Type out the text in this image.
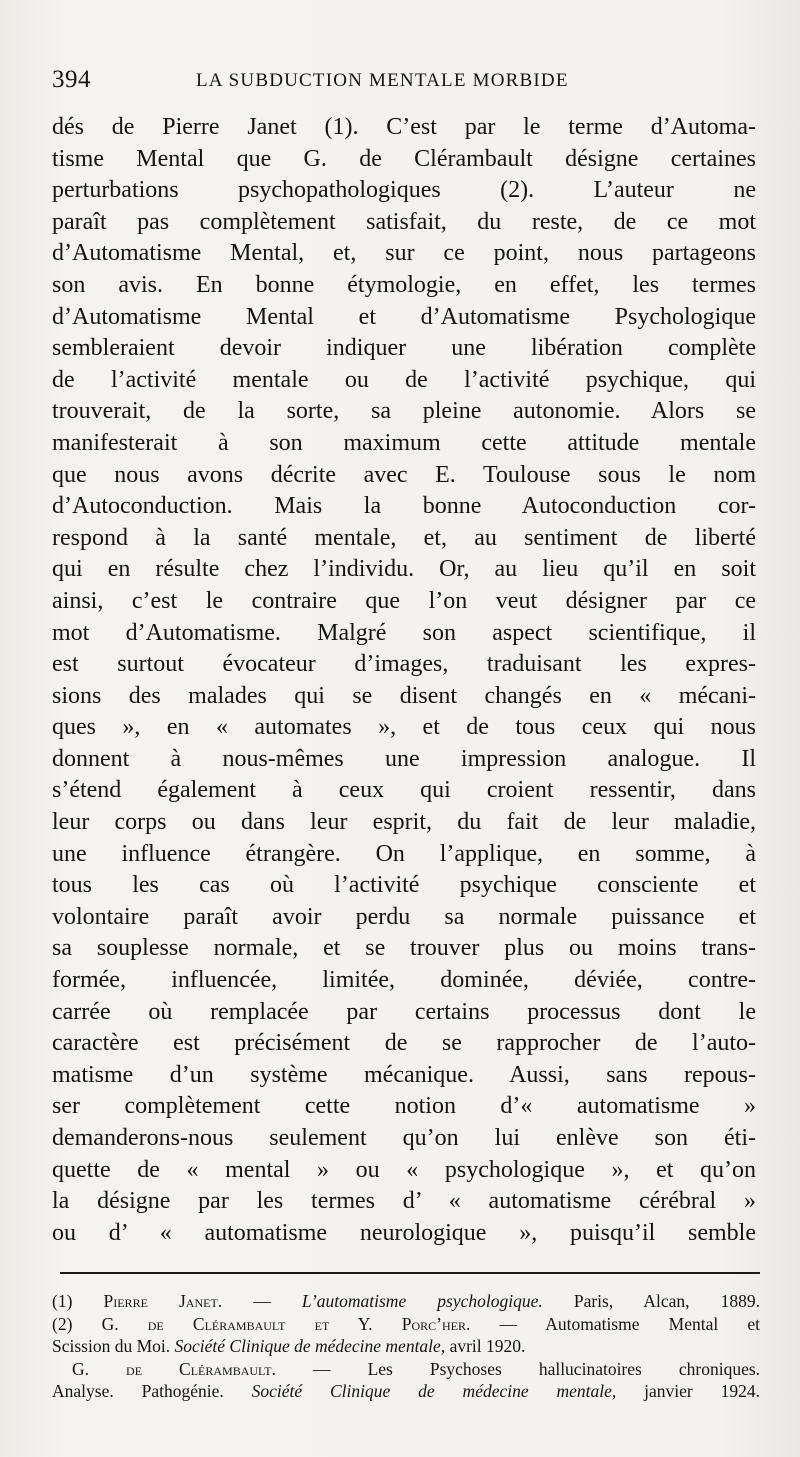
394	LA SUBDUCTION MENTALE MORBIDE
dés de Pierre Janet (1). C’est par le terme d’Automa-
tisme Mental que G. de Clérambault désigne certaines
perturbations psychopathologiques (2). L’auteur ne
paraît pas complètement satisfait, du reste, de ce mot
d’Automatisme Mental, et, sur ce point, nous partageons
son avis. En bonne étymologie, en effet, les termes
d’Automatisme Mental et d’Automatisme Psychologique
sembleraient devoir indiquer une libération complète
de l’activité mentale ou de l’activité psychique, qui
trouverait, de la sorte, sa pleine autonomie. Alors se
manifesterait à son maximum cette attitude mentale
que nous avons décrite avec E. Toulouse sous le nom
d’Autoconduction. Mais la bonne Autoconduction cor-
respond à la santé mentale, et, au sentiment de liberté
qui en résulte chez l’individu. Or, au lieu qu’il en soit
ainsi, c’est le contraire que l’on veut désigner par ce
mot d’Automatisme. Malgré son aspect scientifique, il
est surtout évocateur d’images, traduisant les expres-
sions des malades qui se disent changés en « mécani-
ques », en « automates », et de tous ceux qui nous
donnent à nous-mêmes une impression analogue. Il
s’étend également à ceux qui croient ressentir, dans
leur corps ou dans leur esprit, du fait de leur maladie,
une influence étrangère. On l’applique, en somme, à
tous les cas où l’activité psychique consciente et
volontaire paraît avoir perdu sa normale puissance et
sa souplesse normale, et se trouver plus ou moins trans-
formée, influencée, limitée, dominée, déviée, contre-
carrée où remplacée par certains processus dont le
caractère est précisément de se rapprocher de l’auto-
matisme d’un système mécanique. Aussi, sans repous-
ser complètement cette notion d’« automatisme »
demanderons-nous seulement qu’on lui enlève son éti-
quette de « mental » ou « psychologique », et qu’on
la désigne par les termes d’ « automatisme cérébral »
ou d’ « automatisme neurologique », puisqu’il semble
(1) Pierre Janet. — L’automatisme psychologique. Paris, Alcan, 1889.
(2) G. de Clérambault et Y. Porc’her. — Automatisme Mental et
Scission du Moi. Société Clinique de médecine mentale, avril 1920.
G. de Clérambault. — Les Psychoses hallucinatoires chroniques.
Analyse. Pathogénie. Société Clinique de médecine mentale, janvier 1924.
